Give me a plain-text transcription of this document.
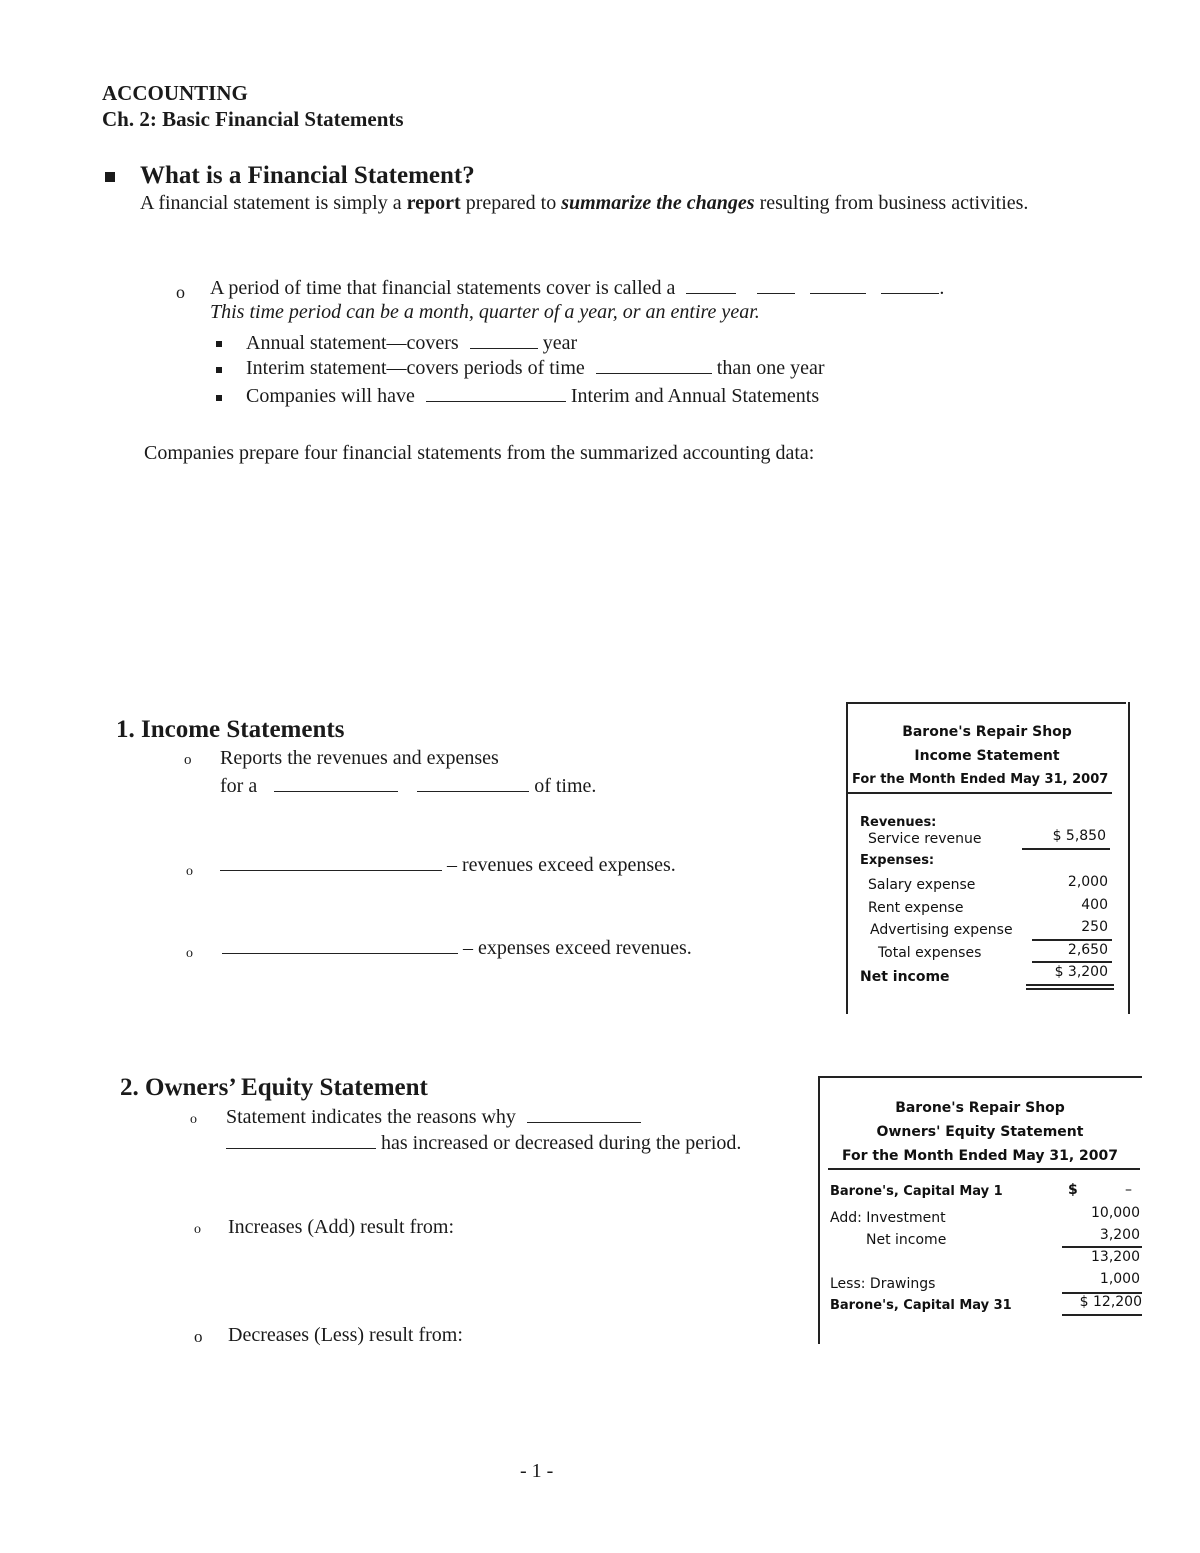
ACCOUNTING
Ch. 2: Basic Financial Statements
What is a Financial Statement?
A financial statement is simply a report prepared to summarize the changes resulting from business activities.
o A period of time that financial statements cover is called a	.
This time period can be a month, quarter of a year, or an entire year.
Annual statement—covers	year
Interim statement—covers periods of time	than one year
Companies will have	Interim and Annual Statements
Companies prepare four financial statements from the summarized accounting data:
1. Income Statements
o Reports the revenues and expenses
for a	of time.
o	– revenues exceed expenses.
o	– expenses exceed revenues.
Barone's Repair Shop
Income Statement
For the Month Ended May 31, 2007
Revenues:
Service revenue	$ 5,850
Expenses:
Salary expense	2,000
Rent expense	400
Advertising expense	250
Total expenses	2,650
Net income	$ 3,200
2. Owners’ Equity Statement
o Statement indicates the reasons why
has increased or decreased during the period.
o Increases (Add) result from:
o Decreases (Less) result from:
Barone's Repair Shop
Owners' Equity Statement
For the Month Ended May 31, 2007
Barone's, Capital May 1	$	–
Add: Investment	10,000
Net income	3,200
13,200
Less: Drawings	1,000
Barone's, Capital May 31	$ 12,200
- 1 -
